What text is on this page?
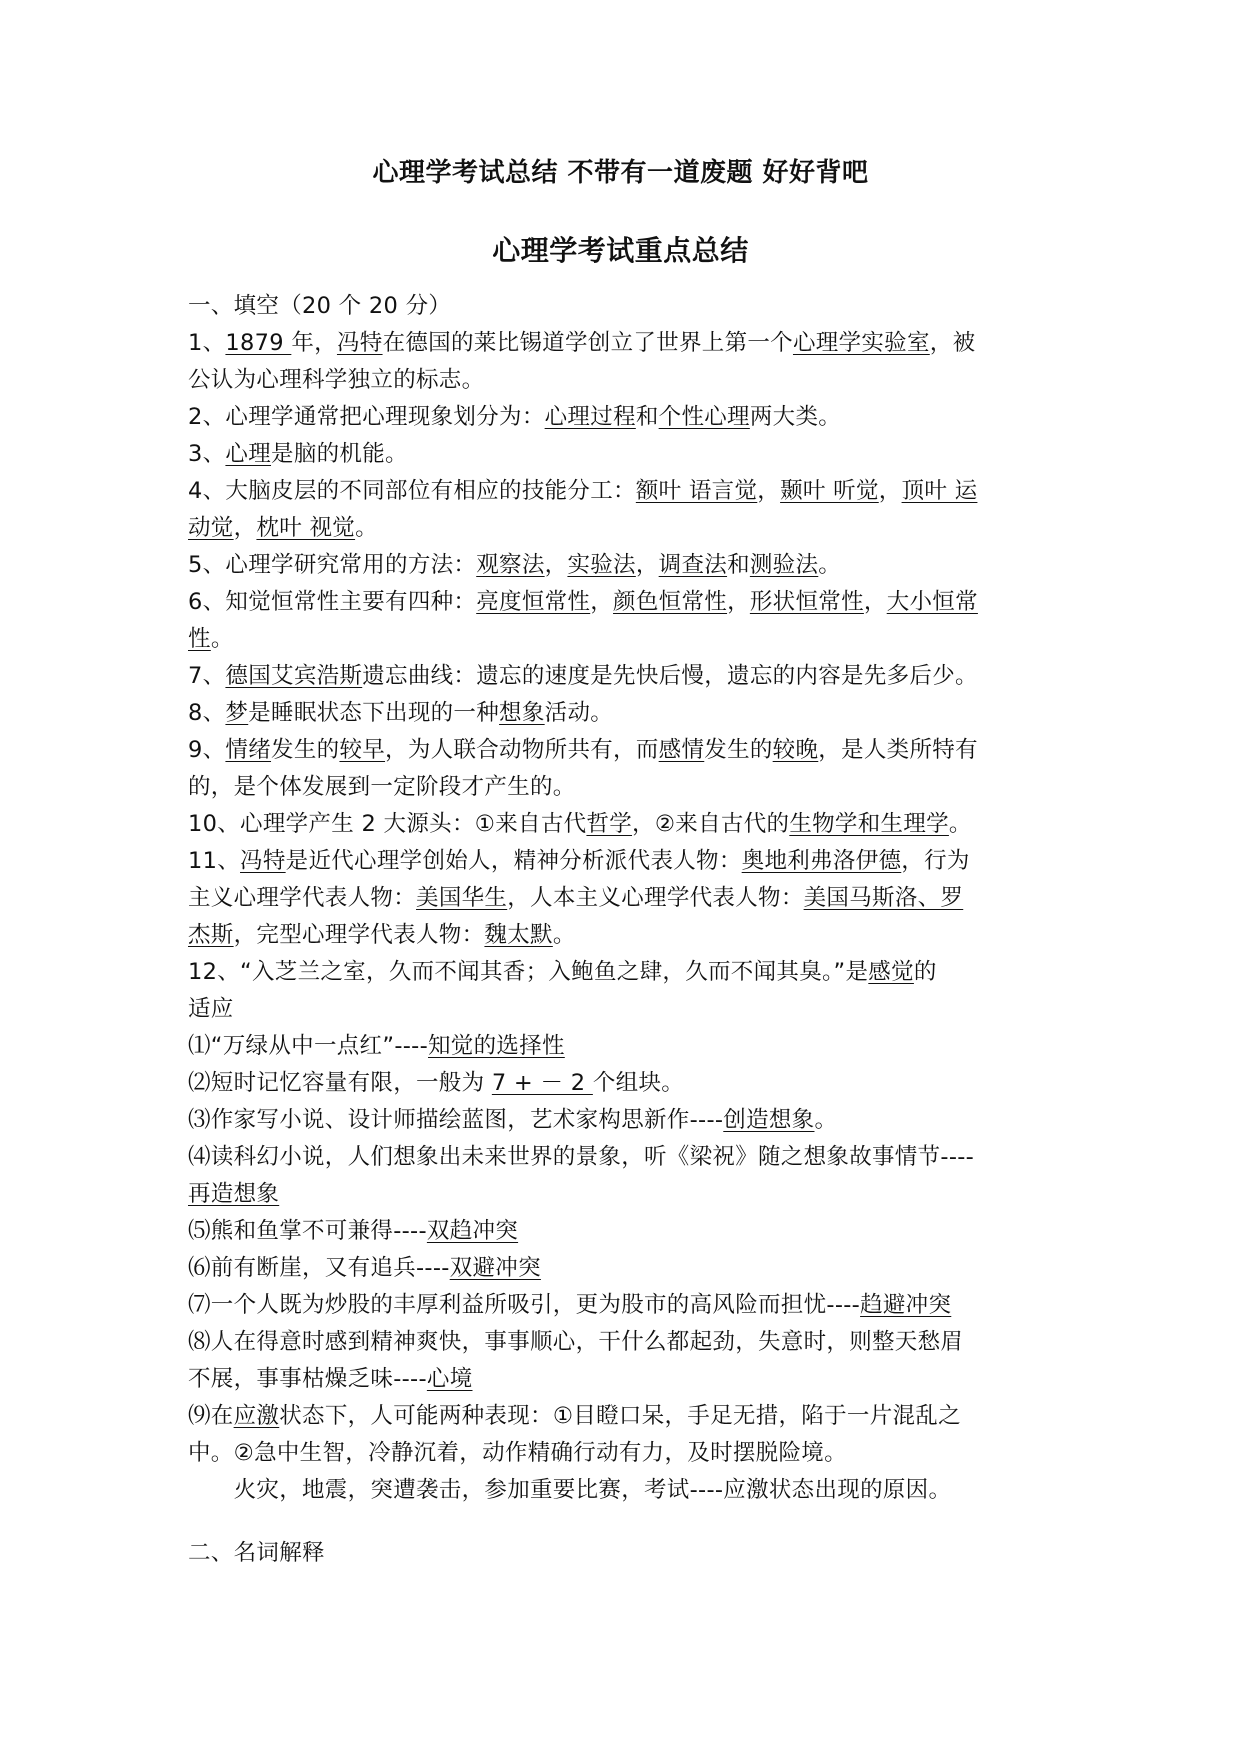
心理学考试总结 不带有一道废题 好好背吧
心理学考试重点总结
一、填空（20 个 20 分）
1、1879 年，冯特在德国的莱比锡道学创立了世界上第一个心理学实验室，被
公认为心理科学独立的标志。
2、心理学通常把心理现象划分为：心理过程和个性心理两大类。
3、心理是脑的机能。
4、大脑皮层的不同部位有相应的技能分工：额叶 语言觉，颞叶 听觉，顶叶 运
动觉，枕叶 视觉。
5、心理学研究常用的方法：观察法，实验法，调查法和测验法。
6、知觉恒常性主要有四种：亮度恒常性，颜色恒常性，形状恒常性，大小恒常
性。
7、德国艾宾浩斯遗忘曲线：遗忘的速度是先快后慢，遗忘的内容是先多后少。
8、梦是睡眠状态下出现的一种想象活动。
9、情绪发生的较早，为人联合动物所共有，而感情发生的较晚，是人类所特有
的，是个体发展到一定阶段才产生的。
10、心理学产生 2 大源头：①来自古代哲学，②来自古代的生物学和生理学。
11、冯特是近代心理学创始人，精神分析派代表人物：奥地利弗洛伊德，行为
主义心理学代表人物：美国华生，人本主义心理学代表人物：美国马斯洛、罗
杰斯，完型心理学代表人物：魏太默。
12、“入芝兰之室，久而不闻其香；入鲍鱼之肆，久而不闻其臭。”是感觉的
适应
⑴“万绿从中一点红”----知觉的选择性
⑵短时记忆容量有限，一般为 7 + － 2 个组块。
⑶作家写小说、设计师描绘蓝图，艺术家构思新作----创造想象。
⑷读科幻小说，人们想象出未来世界的景象，听《梁祝》随之想象故事情节----
再造想象
⑸熊和鱼掌不可兼得----双趋冲突
⑹前有断崖，又有追兵----双避冲突
⑺一个人既为炒股的丰厚利益所吸引，更为股市的高风险而担忧----趋避冲突
⑻人在得意时感到精神爽快，事事顺心，干什么都起劲，失意时，则整天愁眉
不展，事事枯燥乏味----心境
⑼在应激状态下，人可能两种表现：①目瞪口呆，手足无措，陷于一片混乱之
中。②急中生智，冷静沉着，动作精确行动有力，及时摆脱险境。
　　火灾，地震，突遭袭击，参加重要比赛，考试----应激状态出现的原因。
二、名词解释
